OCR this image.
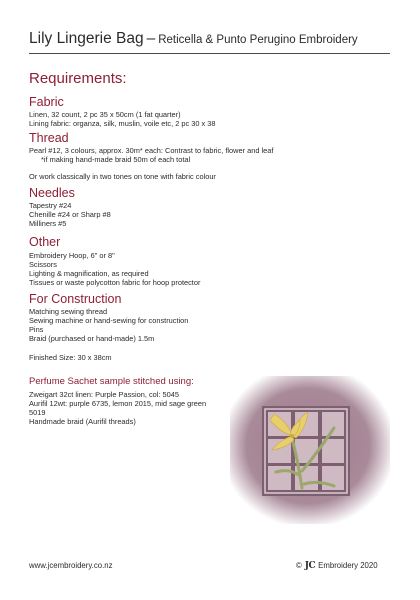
Lily Lingerie Bag – Reticella & Punto Perugino Embroidery
Requirements:
Fabric
Linen, 32 count, 2 pc 35 x 50cm (1 fat quarter)
Lining fabric: organza, silk, muslin, voile etc, 2 pc 30 x 38
Thread
Pearl #12, 3 colours, approx. 30m* each: Contrast to fabric, flower and leaf
*if making hand-made braid 50m of each total
Or work classically in two tones on tone with fabric colour
Needles
Tapestry #24
Chenille #24 or Sharp #8
Milliners #5
Other
Embroidery Hoop, 6" or 8"
Scissors
Lighting & magnification, as required
Tissues or waste polycotton fabric for hoop protector
For Construction
Matching sewing thread
Sewing machine or hand-sewing for construction
Pins
Braid (purchased or hand-made) 1.5m
Finished Size: 30 x 38cm
Perfume Sachet sample stitched using:
Zweigart 32ct linen: Purple Passion, col: 5045
Aurifil 12wt: purple 6735, lemon 2015, mid sage green
5019
Handmade braid (Aurifil threads)
www.jcembroidery.co.nz	© JC Embroidery 2020
